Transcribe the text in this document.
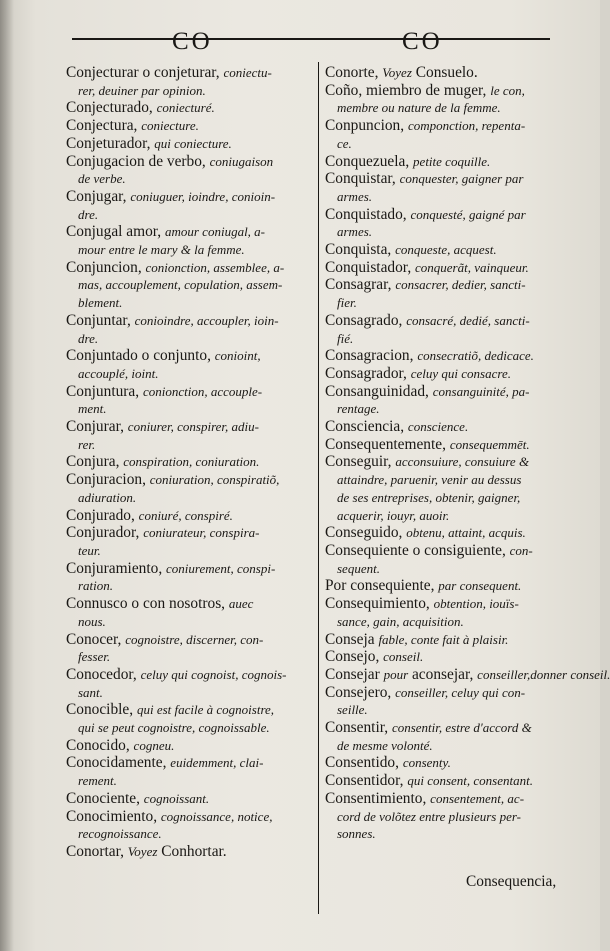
CO	CO
Conjecturar o conjeturar, coniectu-
rer, deuiner par opinion.
Conjecturado, coniecturé.
Conjectura, coniecture.
Conjeturador, qui coniecture.
Conjugacion de verbo, coniugaison
de verbe.
Conjugar, coniuguer, ioindre, conioin-
dre.
Conjugal amor, amour coniugal, a-
mour entre le mary & la femme.
Conjuncion, conionction, assemblee, a-
mas, accouplement, copulation, assem-
blement.
Conjuntar, conioindre, accoupler, ioin-
dre.
Conjuntado o conjunto, conioint,
accouplé, ioint.
Conjuntura, conionction, accouple-
ment.
Conjurar, coniurer, conspirer, adiu-
rer.
Conjura, conspiration, coniuration.
Conjuracion, coniuration, conspiratiõ,
adiuration.
Conjurado, coniuré, conspiré.
Conjurador, coniurateur, conspira-
teur.
Conjuramiento, coniurement, conspi-
ration.
Connusco o con nosotros, auec
nous.
Conocer, cognoistre, discerner, con-
fesser.
Conocedor, celuy qui cognoist, cognois-
sant.
Conocible, qui est facile à cognoistre,
qui se peut cognoistre, cognoissable.
Conocido, cogneu.
Conocidamente, euidemment, clai-
rement.
Conociente, cognoissant.
Conocimiento, cognoissance, notice,
recognoissance.
Conortar, Voyez Conhortar.
Conorte, Voyez Consuelo.
Coño, miembro de muger, le con,
membre ou nature de la femme.
Conpuncion, componction, repenta-
ce.
Conquezuela, petite coquille.
Conquistar, conquester, gaigner par
armes.
Conquistado, conquesté, gaigné par
armes.
Conquista, conqueste, acquest.
Conquistador, conquerãt, vainqueur.
Consagrar, consacrer, dedier, sancti-
fier.
Consagrado, consacré, dedié, sancti-
fié.
Consagracion, consecratiõ, dedicace.
Consagrador, celuy qui consacre.
Consanguinidad, consanguinité, pa-
rentage.
Consciencia, conscience.
Consequentemente, consequemmēt.
Conseguir, acconsuiure, consuiure &
attaindre, paruenir, venir au dessus
de ses entreprises, obtenir, gaigner,
acquerir, iouyr, auoir.
Conseguido, obtenu, attaint, acquis.
Consequiente o consiguiente, con-
sequent.
Por consequiente, par consequent.
Consequimiento, obtention, iouïs-
sance, gain, acquisition.
Conseja fable, conte fait à plaisir.
Consejo, conseil.
Consejar pour aconsejar, conseiller,donner conseil.
Consejero, conseiller, celuy qui con-
seille.
Consentir, consentir, estre d'accord &
de mesme volonté.
Consentido, consenty.
Consentidor, qui consent, consentant.
Consentimiento, consentement, ac-
cord de volõtez entre plusieurs per-
sonnes.
Consequencia,
